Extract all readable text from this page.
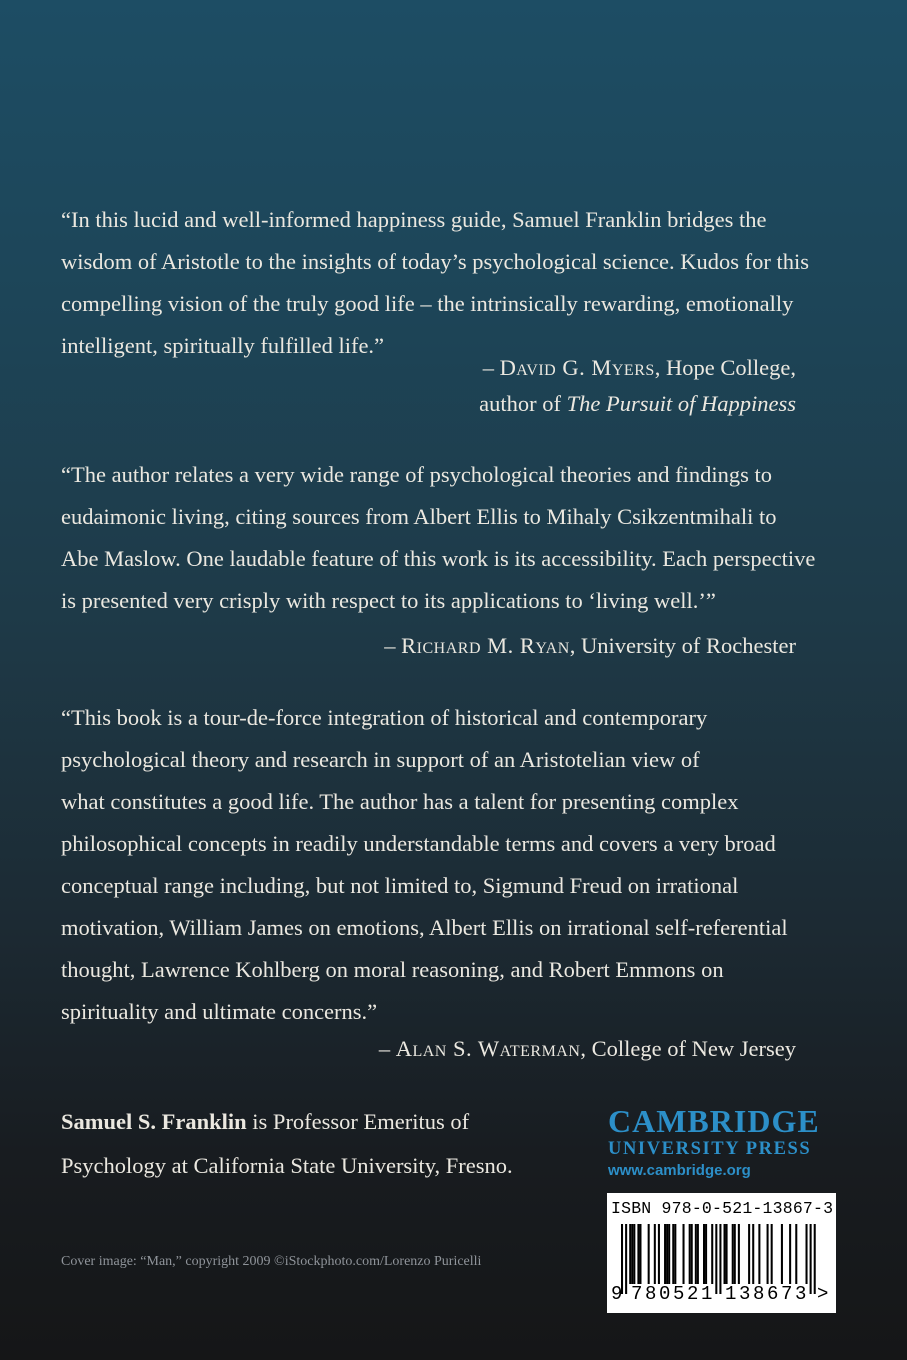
“In this lucid and well-informed happiness guide, Samuel Franklin bridges the

wisdom of Aristotle to the insights of today’s psychological science. Kudos for this

compelling vision of the truly good life – the intrinsically rewarding, emotionally

intelligent, spiritually fulfilled life.”

– David G. Myers, Hope College,
author of The Pursuit of Happiness

“The author relates a very wide range of psychological theories and findings to

eudaimonic living, citing sources from Albert Ellis to Mihaly Csikzentmihali to

Abe Maslow. One laudable feature of this work is its accessibility. Each perspective

is presented very crisply with respect to its applications to ‘living well.’”

– Richard M. Ryan, University of Rochester

“This book is a tour-de-force integration of historical and contemporary

psychological theory and research in support of an Aristotelian view of

what constitutes a good life. The author has a talent for presenting complex

philosophical concepts in readily understandable terms and covers a very broad

conceptual range including, but not limited to, Sigmund Freud on irrational

motivation, William James on emotions, Albert Ellis on irrational self-referential

thought, Lawrence Kohlberg on moral reasoning, and Robert Emmons on

spirituality and ultimate concerns.”

– Alan S. Waterman, College of New Jersey

Samuel S. Franklin is Professor Emeritus of

Psychology at California State University, Fresno.

Cover image: “Man,” copyright 2009 ©iStockphoto.com/Lorenzo Puricelli
CAMBRIDGE
UNIVERSITY PRESS
www.cambridge.org
ISBN 978-0-521-13867-3
9 780521 138673 >
